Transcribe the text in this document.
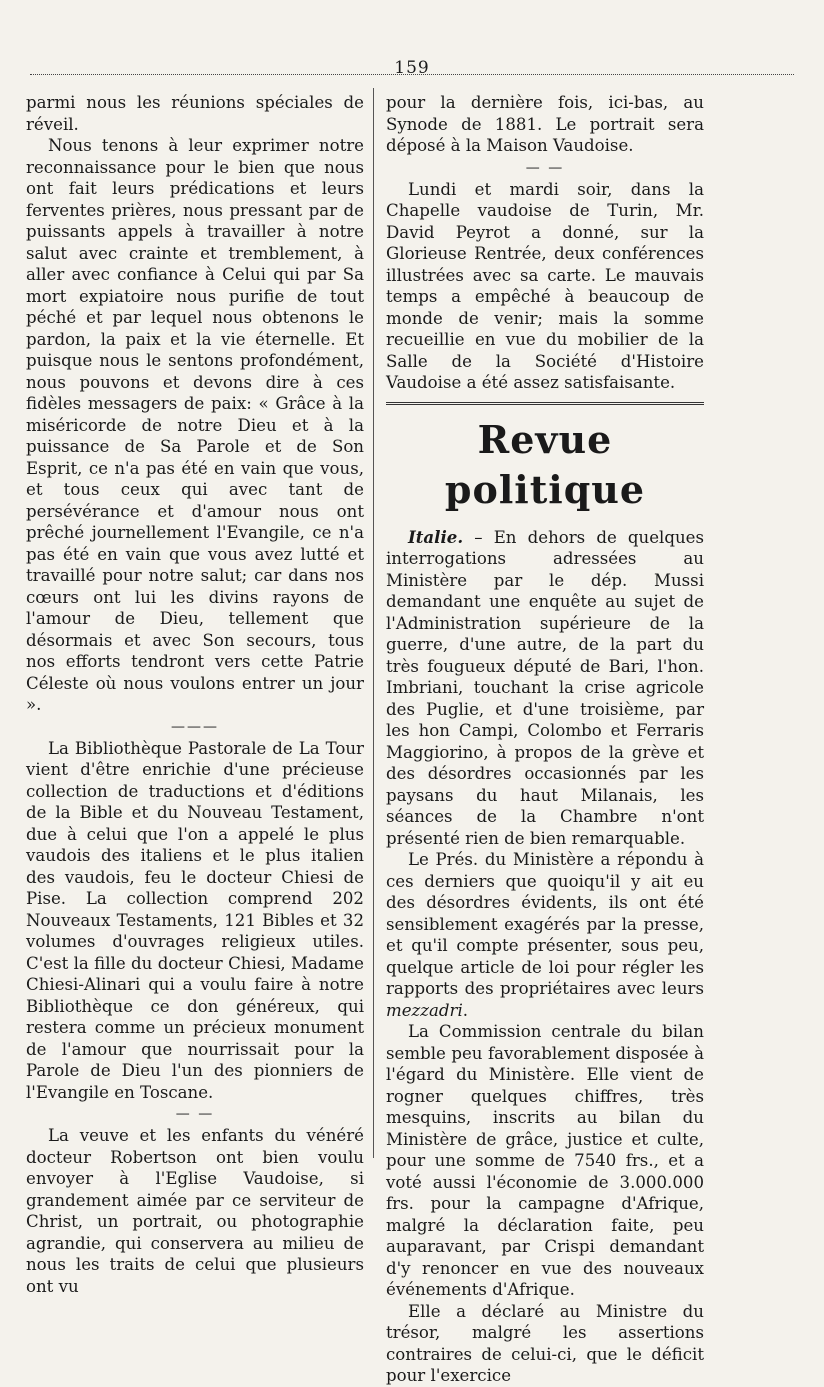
159

parmi nous les réunions spéciales de réveil.

Nous tenons à leur exprimer notre reconnaissance pour le bien que nous ont fait leurs prédications et leurs ferventes prières, nous pressant par de puissants appels à travailler à notre salut avec crainte et tremblement, à aller avec confiance à Celui qui par Sa mort expiatoire nous purifie de tout péché et par lequel nous obtenons le pardon, la paix et la vie éternelle. Et puisque nous le sentons profondément, nous pouvons et devons dire à ces fidèles messagers de paix: « Grâce à la miséricorde de notre Dieu et à la puissance de Sa Parole et de Son Esprit, ce n'a pas été en vain que vous, et tous ceux qui avec tant de persévérance et d'amour nous ont prêché journellement l'Evangile, ce n'a pas été en vain que vous avez lutté et travaillé pour notre salut; car dans nos cœurs ont lui les divins rayons de l'amour de Dieu, tellement que désormais et avec Son secours, tous nos efforts tendront vers cette Patrie Céleste où nous voulons entrer un jour ».

———

La Bibliothèque Pastorale de La Tour vient d'être enrichie d'une précieuse collection de traductions et d'éditions de la Bible et du Nouveau Testament, due à celui que l'on a appelé le plus vaudois des italiens et le plus italien des vaudois, feu le docteur Chiesi de Pise. La collection comprend 202 Nouveaux Testaments, 121 Bibles et 32 volumes d'ouvrages religieux utiles. C'est la fille du docteur Chiesi, Madame Chiesi-Alinari qui a voulu faire à notre Bibliothèque ce don généreux, qui restera comme un précieux monument de l'amour que nourrissait pour la Parole de Dieu l'un des pionniers de l'Evangile en Toscane.

— —

La veuve et les enfants du vénéré docteur Robertson ont bien voulu envoyer à l'Eglise Vaudoise, si grandement aimée par ce serviteur de Christ, un portrait, ou photographie agrandie, qui conservera au milieu de nous les traits de celui que plusieurs ont vu

pour la dernière fois, ici-bas, au Synode de 1881. Le portrait sera déposé à la Maison Vaudoise.

— —

Lundi et mardi soir, dans la Chapelle vaudoise de Turin, Mr. David Peyrot a donné, sur la Glorieuse Rentrée, deux conférences illustrées avec sa carte. Le mauvais temps a empêché à beaucoup de monde de venir; mais la somme recueillie en vue du mobilier de la Salle de la Société d'Histoire Vaudoise a été assez satisfaisante.

Revue politique

Italie. – En dehors de quelques interrogations adressées au Ministère par le dép. Mussi demandant une enquête au sujet de l'Administration supérieure de la guerre, d'une autre, de la part du très fougueux député de Bari, l'hon. Imbriani, touchant la crise agricole des Puglie, et d'une troisième, par les hon Campi, Colombo et Ferraris Maggiorino, à propos de la grève et des désordres occasionnés par les paysans du haut Milanais, les séances de la Chambre n'ont présenté rien de bien remarquable.

Le Prés. du Ministère a répondu à ces derniers que quoiqu'il y ait eu des désordres évidents, ils ont été sensiblement exagérés par la presse, et qu'il compte présenter, sous peu, quelque article de loi pour régler les rapports des propriétaires avec leurs mezzadri.

La Commission centrale du bilan semble peu favorablement disposée à l'égard du Ministère. Elle vient de rogner quelques chiffres, très mesquins, inscrits au bilan du Ministère de grâce, justice et culte, pour une somme de 7540 frs., et a voté aussi l'économie de 3.000.000 frs. pour la campagne d'Afrique, malgré la déclaration faite, peu auparavant, par Crispi demandant d'y renoncer en vue des nouveaux événements d'Afrique.

Elle a déclaré au Ministre du trésor, malgré les assertions contraires de celui-ci, que le déficit pour l'exercice
